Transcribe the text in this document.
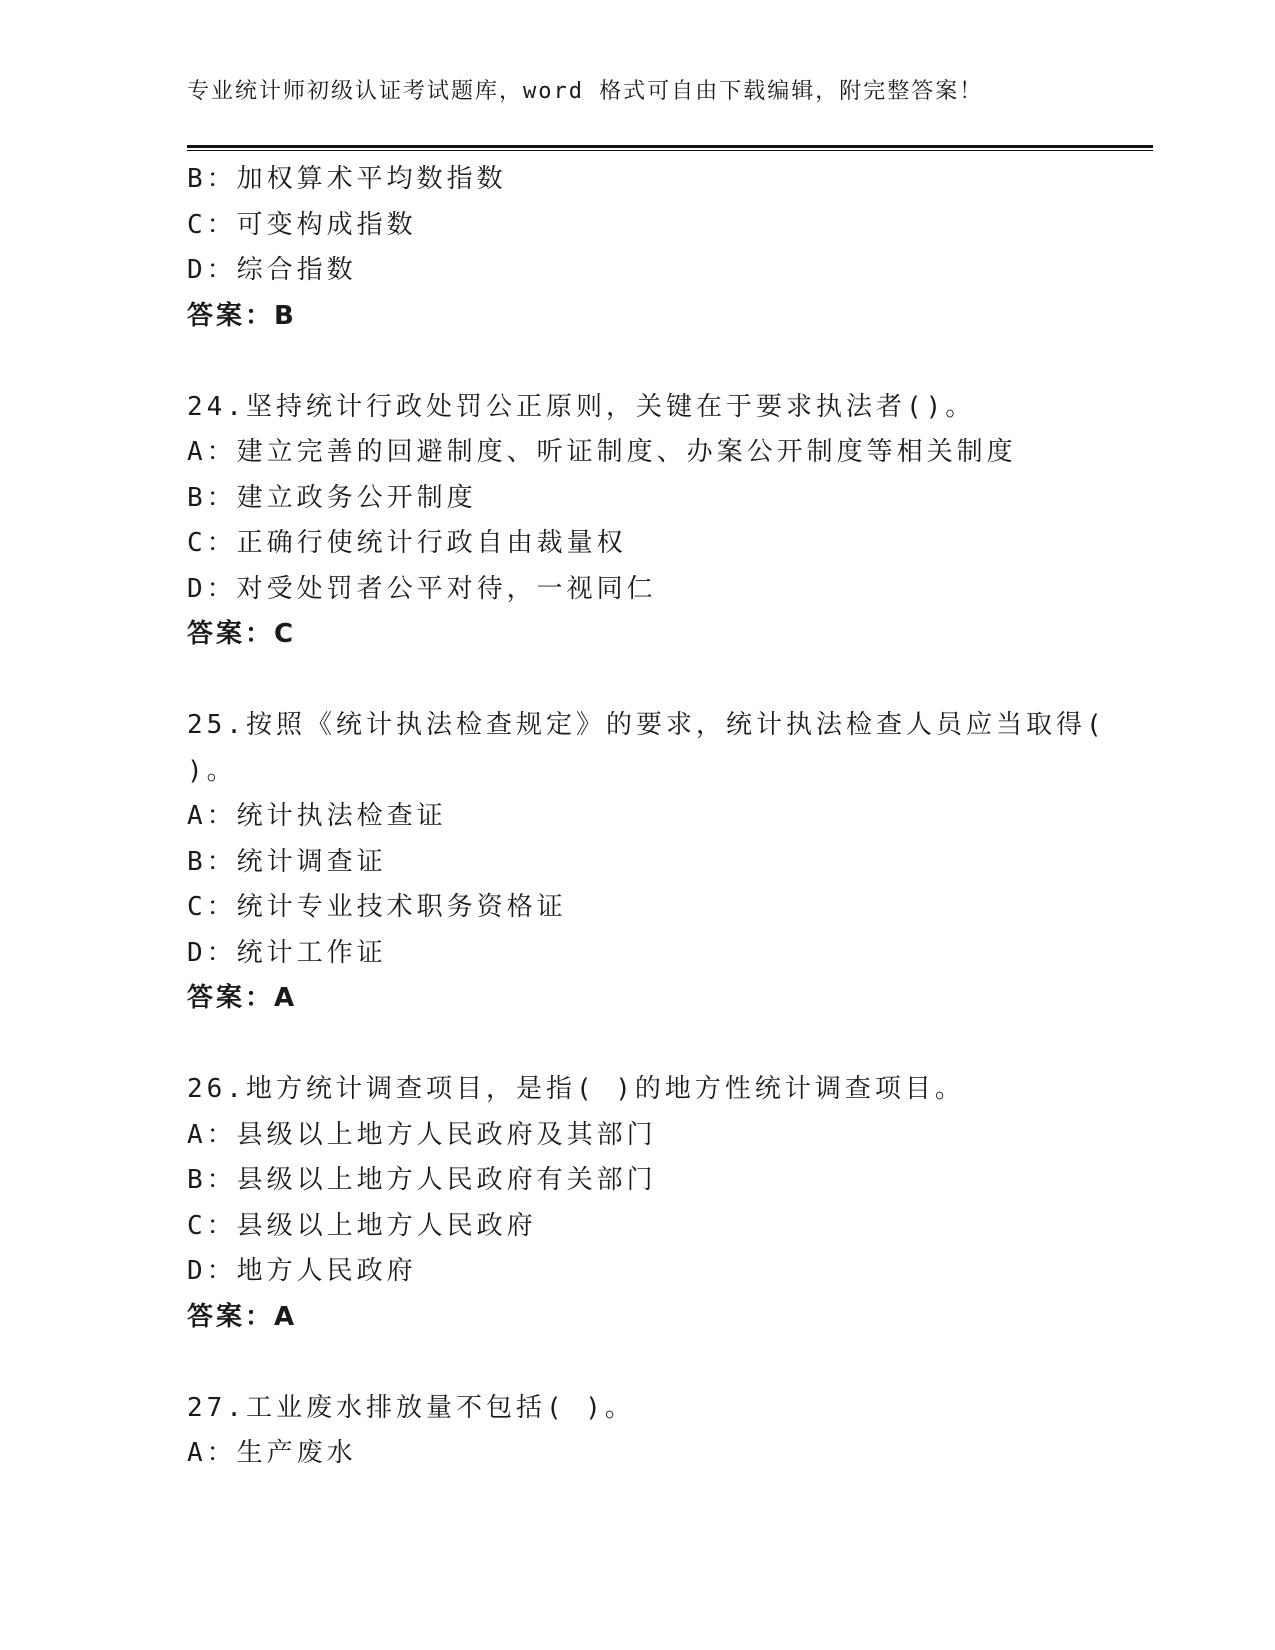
专业统计师初级认证考试题库，word 格式可自由下载编辑，附完整答案！
B：加权算术平均数指数
C：可变构成指数
D：综合指数
答案：B
24.坚持统计行政处罚公正原则，关键在于要求执法者()。
A：建立完善的回避制度、听证制度、办案公开制度等相关制度
B：建立政务公开制度
C：正确行使统计行政自由裁量权
D：对受处罚者公平对待，一视同仁
答案：C
25.按照《统计执法检查规定》的要求，统计执法检查人员应当取得(
)。
A：统计执法检查证
B：统计调查证
C：统计专业技术职务资格证
D：统计工作证
答案：A
26.地方统计调查项目，是指( )的地方性统计调查项目。
A：县级以上地方人民政府及其部门
B：县级以上地方人民政府有关部门
C：县级以上地方人民政府
D：地方人民政府
答案：A
27.工业废水排放量不包括( )。
A：生产废水
